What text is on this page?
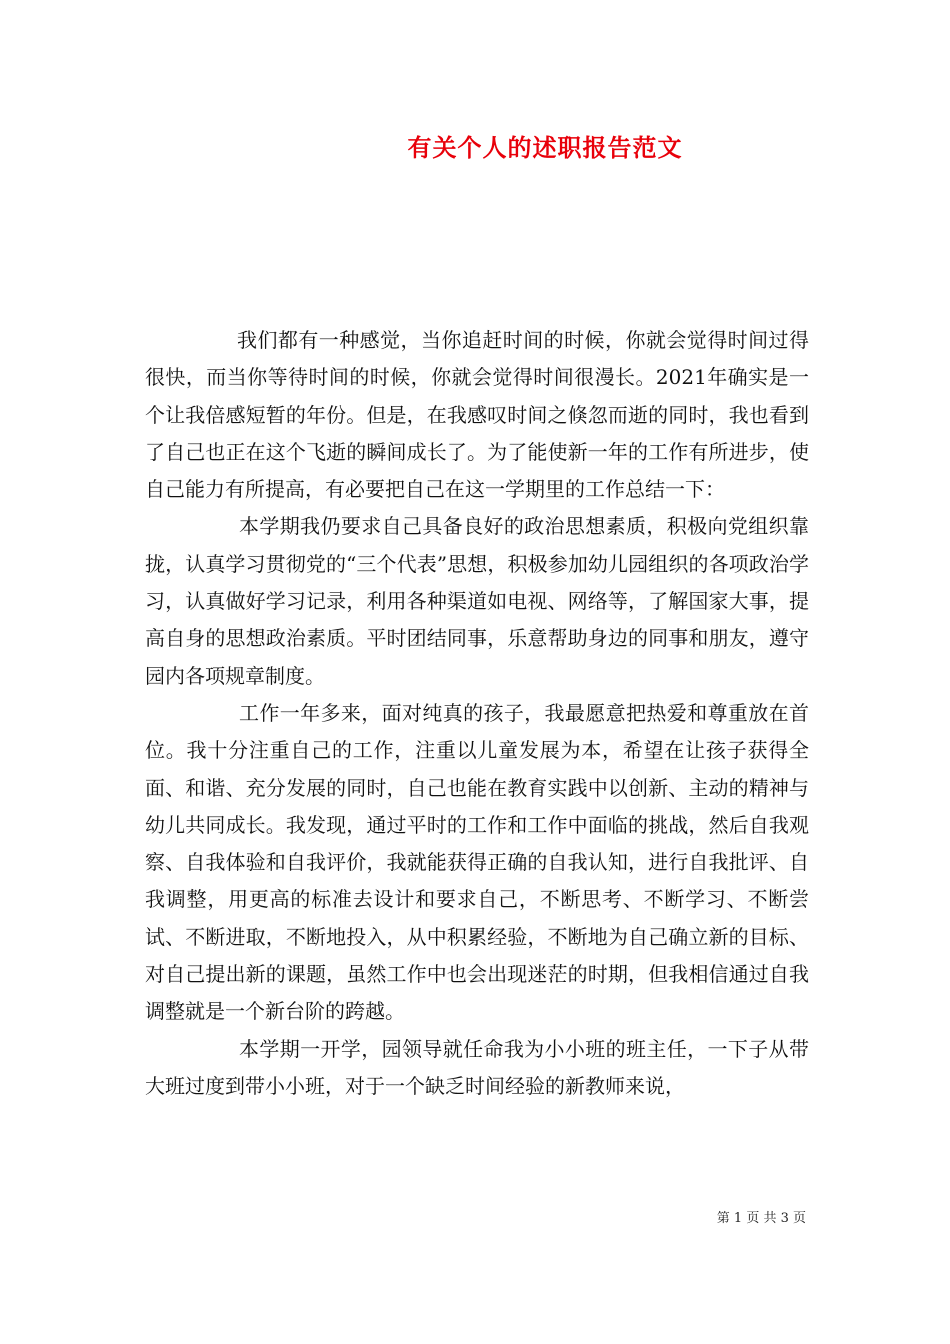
有关个人的述职报告范文

我们都有一种感觉，当你追赶时间的时候，你就会觉得时间过得很快，而当你等待时间的时候，你就会觉得时间很漫长。2021年确实是一个让我倍感短暂的年份。但是，在我感叹时间之倏忽而逝的同时，我也看到了自己也正在这个飞逝的瞬间成长了。为了能使新一年的工作有所进步，使自己能力有所提高，有必要把自己在这一学期里的工作总结一下：

本学期我仍要求自己具备良好的政治思想素质，积极向党组织靠拢，认真学习贯彻党的“三个代表”思想，积极参加幼儿园组织的各项政治学习，认真做好学习记录，利用各种渠道如电视、网络等，了解国家大事，提高自身的思想政治素质。平时团结同事，乐意帮助身边的同事和朋友，遵守园内各项规章制度。

工作一年多来，面对纯真的孩子，我最愿意把热爱和尊重放在首位。我十分注重自己的工作，注重以儿童发展为本，希望在让孩子获得全面、和谐、充分发展的同时，自己也能在教育实践中以创新、主动的精神与幼儿共同成长。我发现，通过平时的工作和工作中面临的挑战，然后自我观察、自我体验和自我评价，我就能获得正确的自我认知，进行自我批评、自我调整，用更高的标准去设计和要求自己，不断思考、不断学习、不断尝试、不断进取，不断地投入，从中积累经验，不断地为自己确立新的目标、对自己提出新的课题，虽然工作中也会出现迷茫的时期，但我相信通过自我调整就是一个新台阶的跨越。

本学期一开学，园领导就任命我为小小班的班主任，一下子从带大班过度到带小小班，对于一个缺乏时间经验的新教师来说，

第 1 页 共 3 页
